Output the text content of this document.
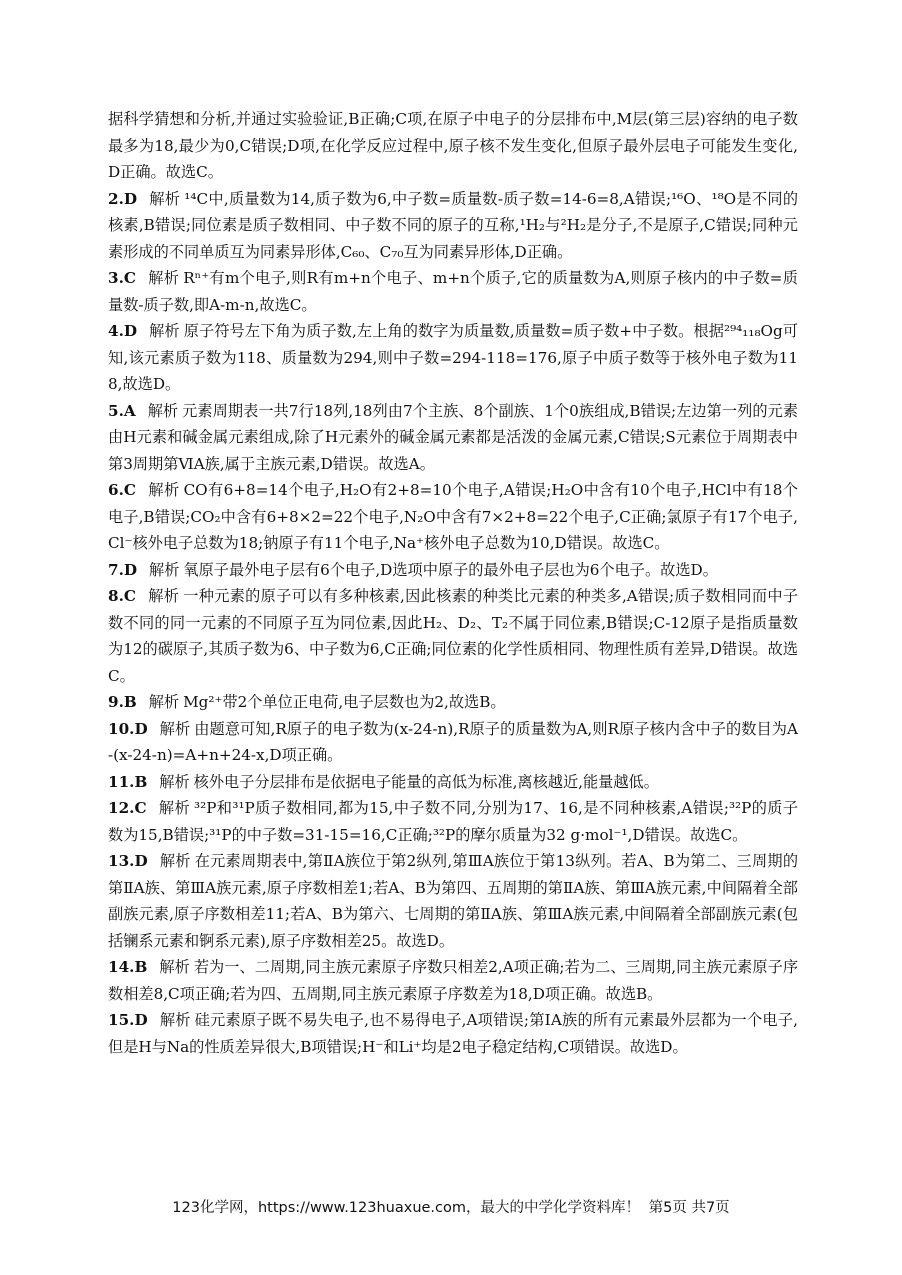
据科学猜想和分析,并通过实验验证,B正确;C项,在原子中电子的分层排布中,M层(第三层)容纳的电子数最多为18,最少为0,C错误;D项,在化学反应过程中,原子核不发生变化,但原子最外层电子可能发生变化,D正确。故选C。

2.D 解析 ¹⁴C中,质量数为14,质子数为6,中子数=质量数-质子数=14-6=8,A错误;¹⁶O、¹⁸O是不同的核素,B错误;同位素是质子数相同、中子数不同的原子的互称,¹H₂与²H₂是分子,不是原子,C错误;同种元素形成的不同单质互为同素异形体,C₆₀、C₇₀互为同素异形体,D正确。

3.C 解析 Rⁿ⁺有m个电子,则R有m+n个电子、m+n个质子,它的质量数为A,则原子核内的中子数=质量数-质子数,即A-m-n,故选C。

4.D 解析 原子符号左下角为质子数,左上角的数字为质量数,质量数=质子数+中子数。根据²⁹⁴₁₁₈Og可知,该元素质子数为118、质量数为294,则中子数=294-118=176,原子中质子数等于核外电子数为118,故选D。

5.A 解析 元素周期表一共7行18列,18列由7个主族、8个副族、1个0族组成,B错误;左边第一列的元素由H元素和碱金属元素组成,除了H元素外的碱金属元素都是活泼的金属元素,C错误;S元素位于周期表中第3周期第ⅥA族,属于主族元素,D错误。故选A。

6.C 解析 CO有6+8=14个电子,H₂O有2+8=10个电子,A错误;H₂O中含有10个电子,HCl中有18个电子,B错误;CO₂中含有6+8×2=22个电子,N₂O中含有7×2+8=22个电子,C正确;氯原子有17个电子,Cl⁻核外电子总数为18;钠原子有11个电子,Na⁺核外电子总数为10,D错误。故选C。

7.D 解析 氧原子最外电子层有6个电子,D选项中原子的最外电子层也为6个电子。故选D。

8.C 解析 一种元素的原子可以有多种核素,因此核素的种类比元素的种类多,A错误;质子数相同而中子数不同的同一元素的不同原子互为同位素,因此H₂、D₂、T₂不属于同位素,B错误;C-12原子是指质量数为12的碳原子,其质子数为6、中子数为6,C正确;同位素的化学性质相同、物理性质有差异,D错误。故选C。

9.B 解析 Mg²⁺带2个单位正电荷,电子层数也为2,故选B。

10.D 解析 由题意可知,R原子的电子数为(x-24-n),R原子的质量数为A,则R原子核内含中子的数目为A-(x-24-n)=A+n+24-x,D项正确。

11.B 解析 核外电子分层排布是依据电子能量的高低为标准,离核越近,能量越低。

12.C 解析 ³²P和³¹P质子数相同,都为15,中子数不同,分别为17、16,是不同种核素,A错误;³²P的质子数为15,B错误;³¹P的中子数=31-15=16,C正确;³²P的摩尔质量为32 g·mol⁻¹,D错误。故选C。

13.D 解析 在元素周期表中,第ⅡA族位于第2纵列,第ⅢA族位于第13纵列。若A、B为第二、三周期的第ⅡA族、第ⅢA族元素,原子序数相差1;若A、B为第四、五周期的第ⅡA族、第ⅢA族元素,中间隔着全部副族元素,原子序数相差11;若A、B为第六、七周期的第ⅡA族、第ⅢA族元素,中间隔着全部副族元素(包括镧系元素和锕系元素),原子序数相差25。故选D。

14.B 解析 若为一、二周期,同主族元素原子序数只相差2,A项正确;若为二、三周期,同主族元素原子序数相差8,C项正确;若为四、五周期,同主族元素原子序数差为18,D项正确。故选B。

15.D 解析 硅元素原子既不易失电子,也不易得电子,A项错误;第ⅠA族的所有元素最外层都为一个电子,但是H与Na的性质差异很大,B项错误;H⁻和Li⁺均是2电子稳定结构,C项错误。故选D。

123化学网，https://www.123huaxue.com，最大的中学化学资料库！ 第5页 共7页
